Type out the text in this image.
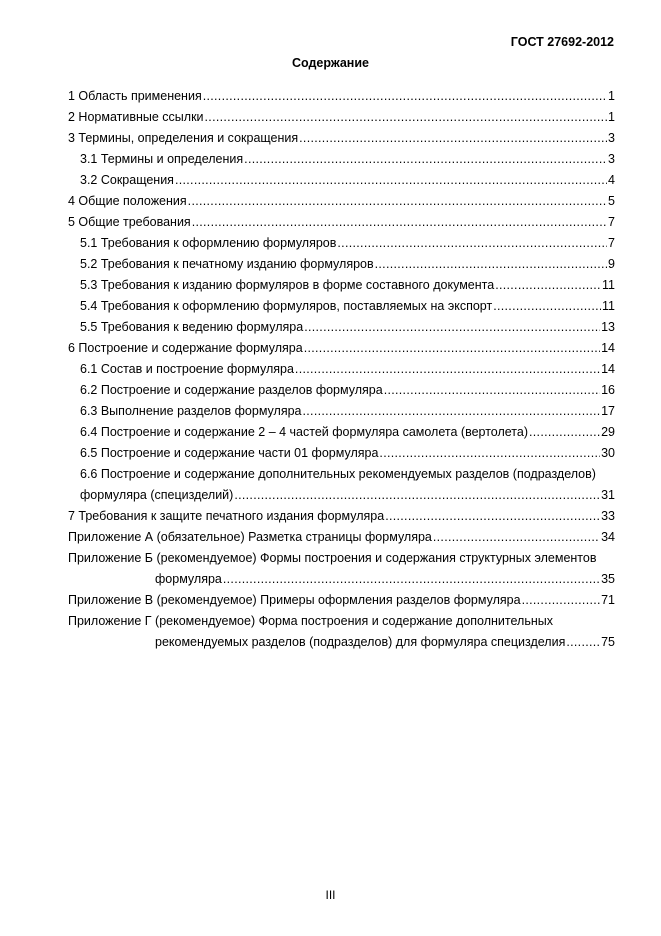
ГОСТ 27692-2012
Содержание
1 Область применения .....	1
2 Нормативные ссылки .....	1
3 Термины, определения и сокращения .....	3
3.1 Термины и определения .....	3
3.2 Сокращения .....	4
4 Общие положения .....	5
5 Общие требования .....	7
5.1 Требования к оформлению формуляров .....	7
5.2 Требования к печатному изданию формуляров .....	9
5.3 Требования к изданию формуляров в форме составного документа .....	11
5.4 Требования к оформлению формуляров, поставляемых на экспорт .....	11
5.5 Требования к ведению формуляра .....	13
6 Построение и содержание формуляра .....	14
6.1 Состав и построение формуляра .....	14
6.2 Построение и содержание разделов формуляра .....	16
6.3 Выполнение разделов формуляра .....	17
6.4 Построение и содержание 2 – 4 частей формуляра самолета (вертолета) .....	29
6.5 Построение и содержание части 01 формуляра .....	30
6.6 Построение и содержание дополнительных рекомендуемых разделов (подразделов)
формуляра (специзделий) .....	31
7 Требования к защите печатного издания формуляра .....	33
Приложение А (обязательное) Разметка страницы формуляра .....	34
Приложение Б (рекомендуемое) Формы построения и содержания структурных элементов
формуляра .....	35
Приложение В (рекомендуемое) Примеры оформления разделов формуляра .....	71
Приложение Г (рекомендуемое) Форма построения и содержание дополнительных
рекомендуемых разделов (подразделов) для формуляра специзделия .....	75
III
